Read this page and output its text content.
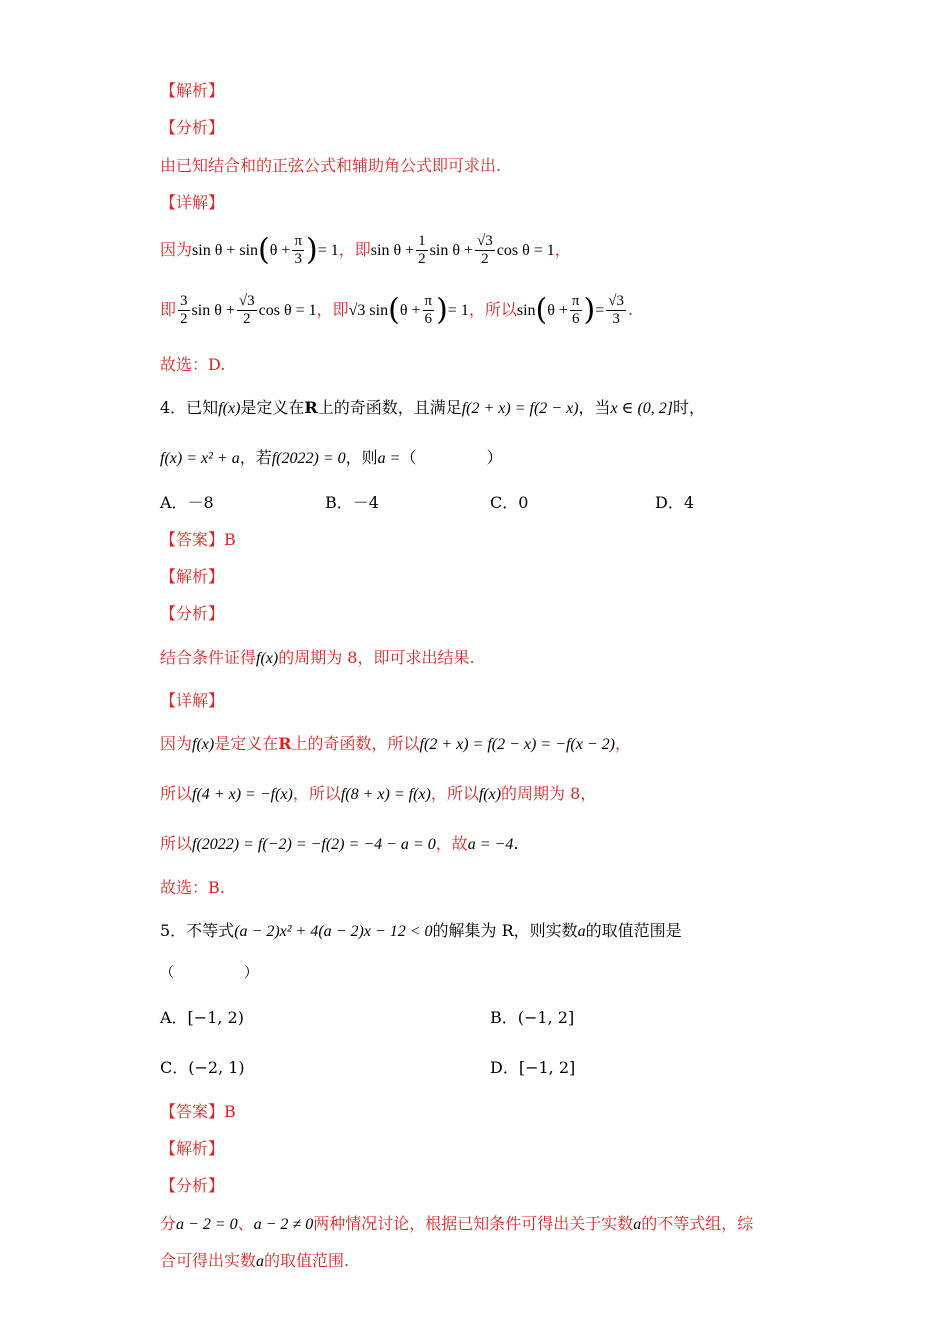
【解析】
【分析】
由已知结合和的正弦公式和辅助角公式即可求出.
【详解】
因为$\sin \theta + \sin(\theta + \frac{\pi}{3}$ )= 1，即$\sin \theta + \frac{1}{2}$ $\sin \theta + \frac{√3}{2}$ cos θ = 1，
即 $\frac{3}{2}$ $\sin \theta + \frac{√3}{2}$ cos θ = 1，即√3 $\sin(\theta + \frac{\pi}{6}$ )= 1，所以$\sin(\theta + \frac{\pi}{6}$ )= $\frac{√3}{3}$ .
故选：D.
4．已知f(x)是定义在R上的奇函数，且满足f(2 + x) = f(2 − x)，当x ∈ (0, 2]时，
f(x) = x² + a，若f(2022) = 0，则a =（	）
A．－8	B．－4	C．0	D．4
【答案】B
【解析】
【分析】
结合条件证得f(x)的周期为 8，即可求出结果.
【详解】
因为f(x)是定义在R上的奇函数，所以f(2 + x) = f(2 − x) = −f(x − 2)，
所以f(4 + x) = −f(x)，所以f(8 + x) = f(x)，所以f(x)的周期为 8，
所以f(2022) = f(−2) = −f(2) = −4 − a = 0，故a = −4.
故选：B.
5．不等式(a − 2)x² + 4(a − 2)x − 12 < 0的解集为 R，则实数a的取值范围是
（	）
A．[−1, 2)	B．(−1, 2]
C．(−2, 1)	D．[−1, 2]
【答案】B
【解析】
【分析】
分a − 2 = 0、a − 2 ≠ 0两种情况讨论，根据已知条件可得出关于实数a的不等式组，综
合可得出实数a的取值范围.
